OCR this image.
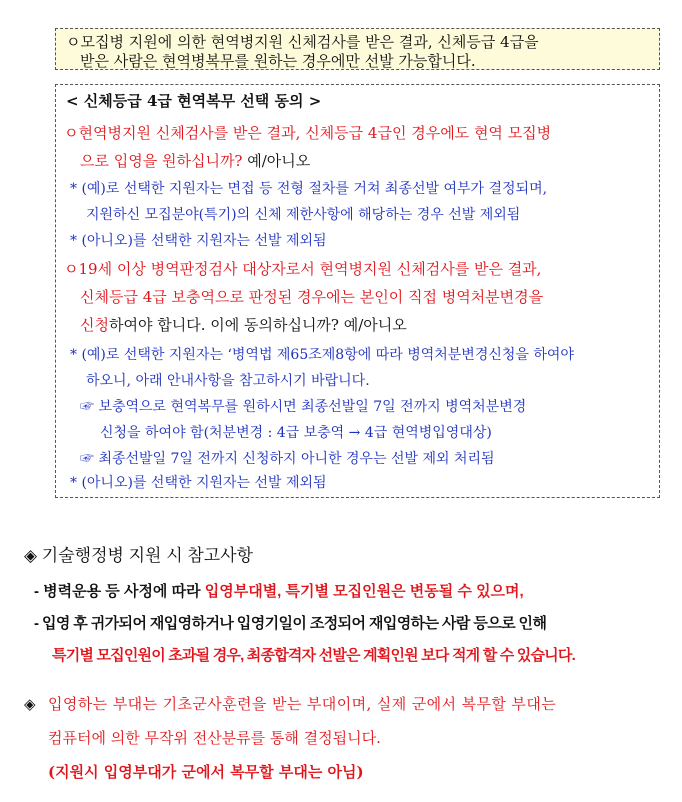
ㅇ모집병 지원에 의한 현역병지원 신체검사를 받은 결과, 신체등급 4급을
받은 사람은 현역병복무를 원하는 경우에만 선발 가능합니다.
< 신체등급 4급 현역복무 선택 동의 >
ㅇ현역병지원 신체검사를 받은 결과, 신체등급 4급인 경우에도 현역 모집병
으로 입영을 원하십니까? 예/아니오
* (예)로 선택한 지원자는 면접 등 전형 절차를 거쳐 최종선발 여부가 결정되며,
지원하신 모집분야(특기)의 신체 제한사항에 해당하는 경우 선발 제외됨
* (아니오)를 선택한 지원자는 선발 제외됨
ㅇ19세 이상 병역판정검사 대상자로서 현역병지원 신체검사를 받은 결과,
신체등급 4급 보충역으로 판정된 경우에는 본인이 직접 병역처분변경을
신청하여야 합니다. 이에 동의하십니까? 예/아니오
* (예)로 선택한 지원자는 ‘병역법 제65조제8항에 따라 병역처분변경신청을 하여야
하오니, 아래 안내사항을 참고하시기 바랍니다.
☞ 보충역으로 현역복무를 원하시면 최종선발일 7일 전까지 병역처분변경
신청을 하여야 함(처분변경 : 4급 보충역 → 4급 현역병입영대상)
☞ 최종선발일 7일 전까지 신청하지 아니한 경우는 선발 제외 처리됨
* (아니오)를 선택한 지원자는 선발 제외됨
◈ 기술행정병 지원 시 참고사항
- 병력운용 등 사정에 따라 입영부대별, 특기별 모집인원은 변동될 수 있으며,
- 입영 후 귀가되어 재입영하거나 입영기일이 조정되어 재입영하는 사람 등으로 인해
특기별 모집인원이 초과될 경우, 최종합격자 선발은 계획인원 보다 적게 할 수 있습니다.
◈ 입영하는 부대는 기초군사훈련을 받는 부대이며, 실제 군에서 복무할 부대는
컴퓨터에 의한 무작위 전산분류를 통해 결정됩니다.
(지원시 입영부대가 군에서 복무할 부대는 아님)
